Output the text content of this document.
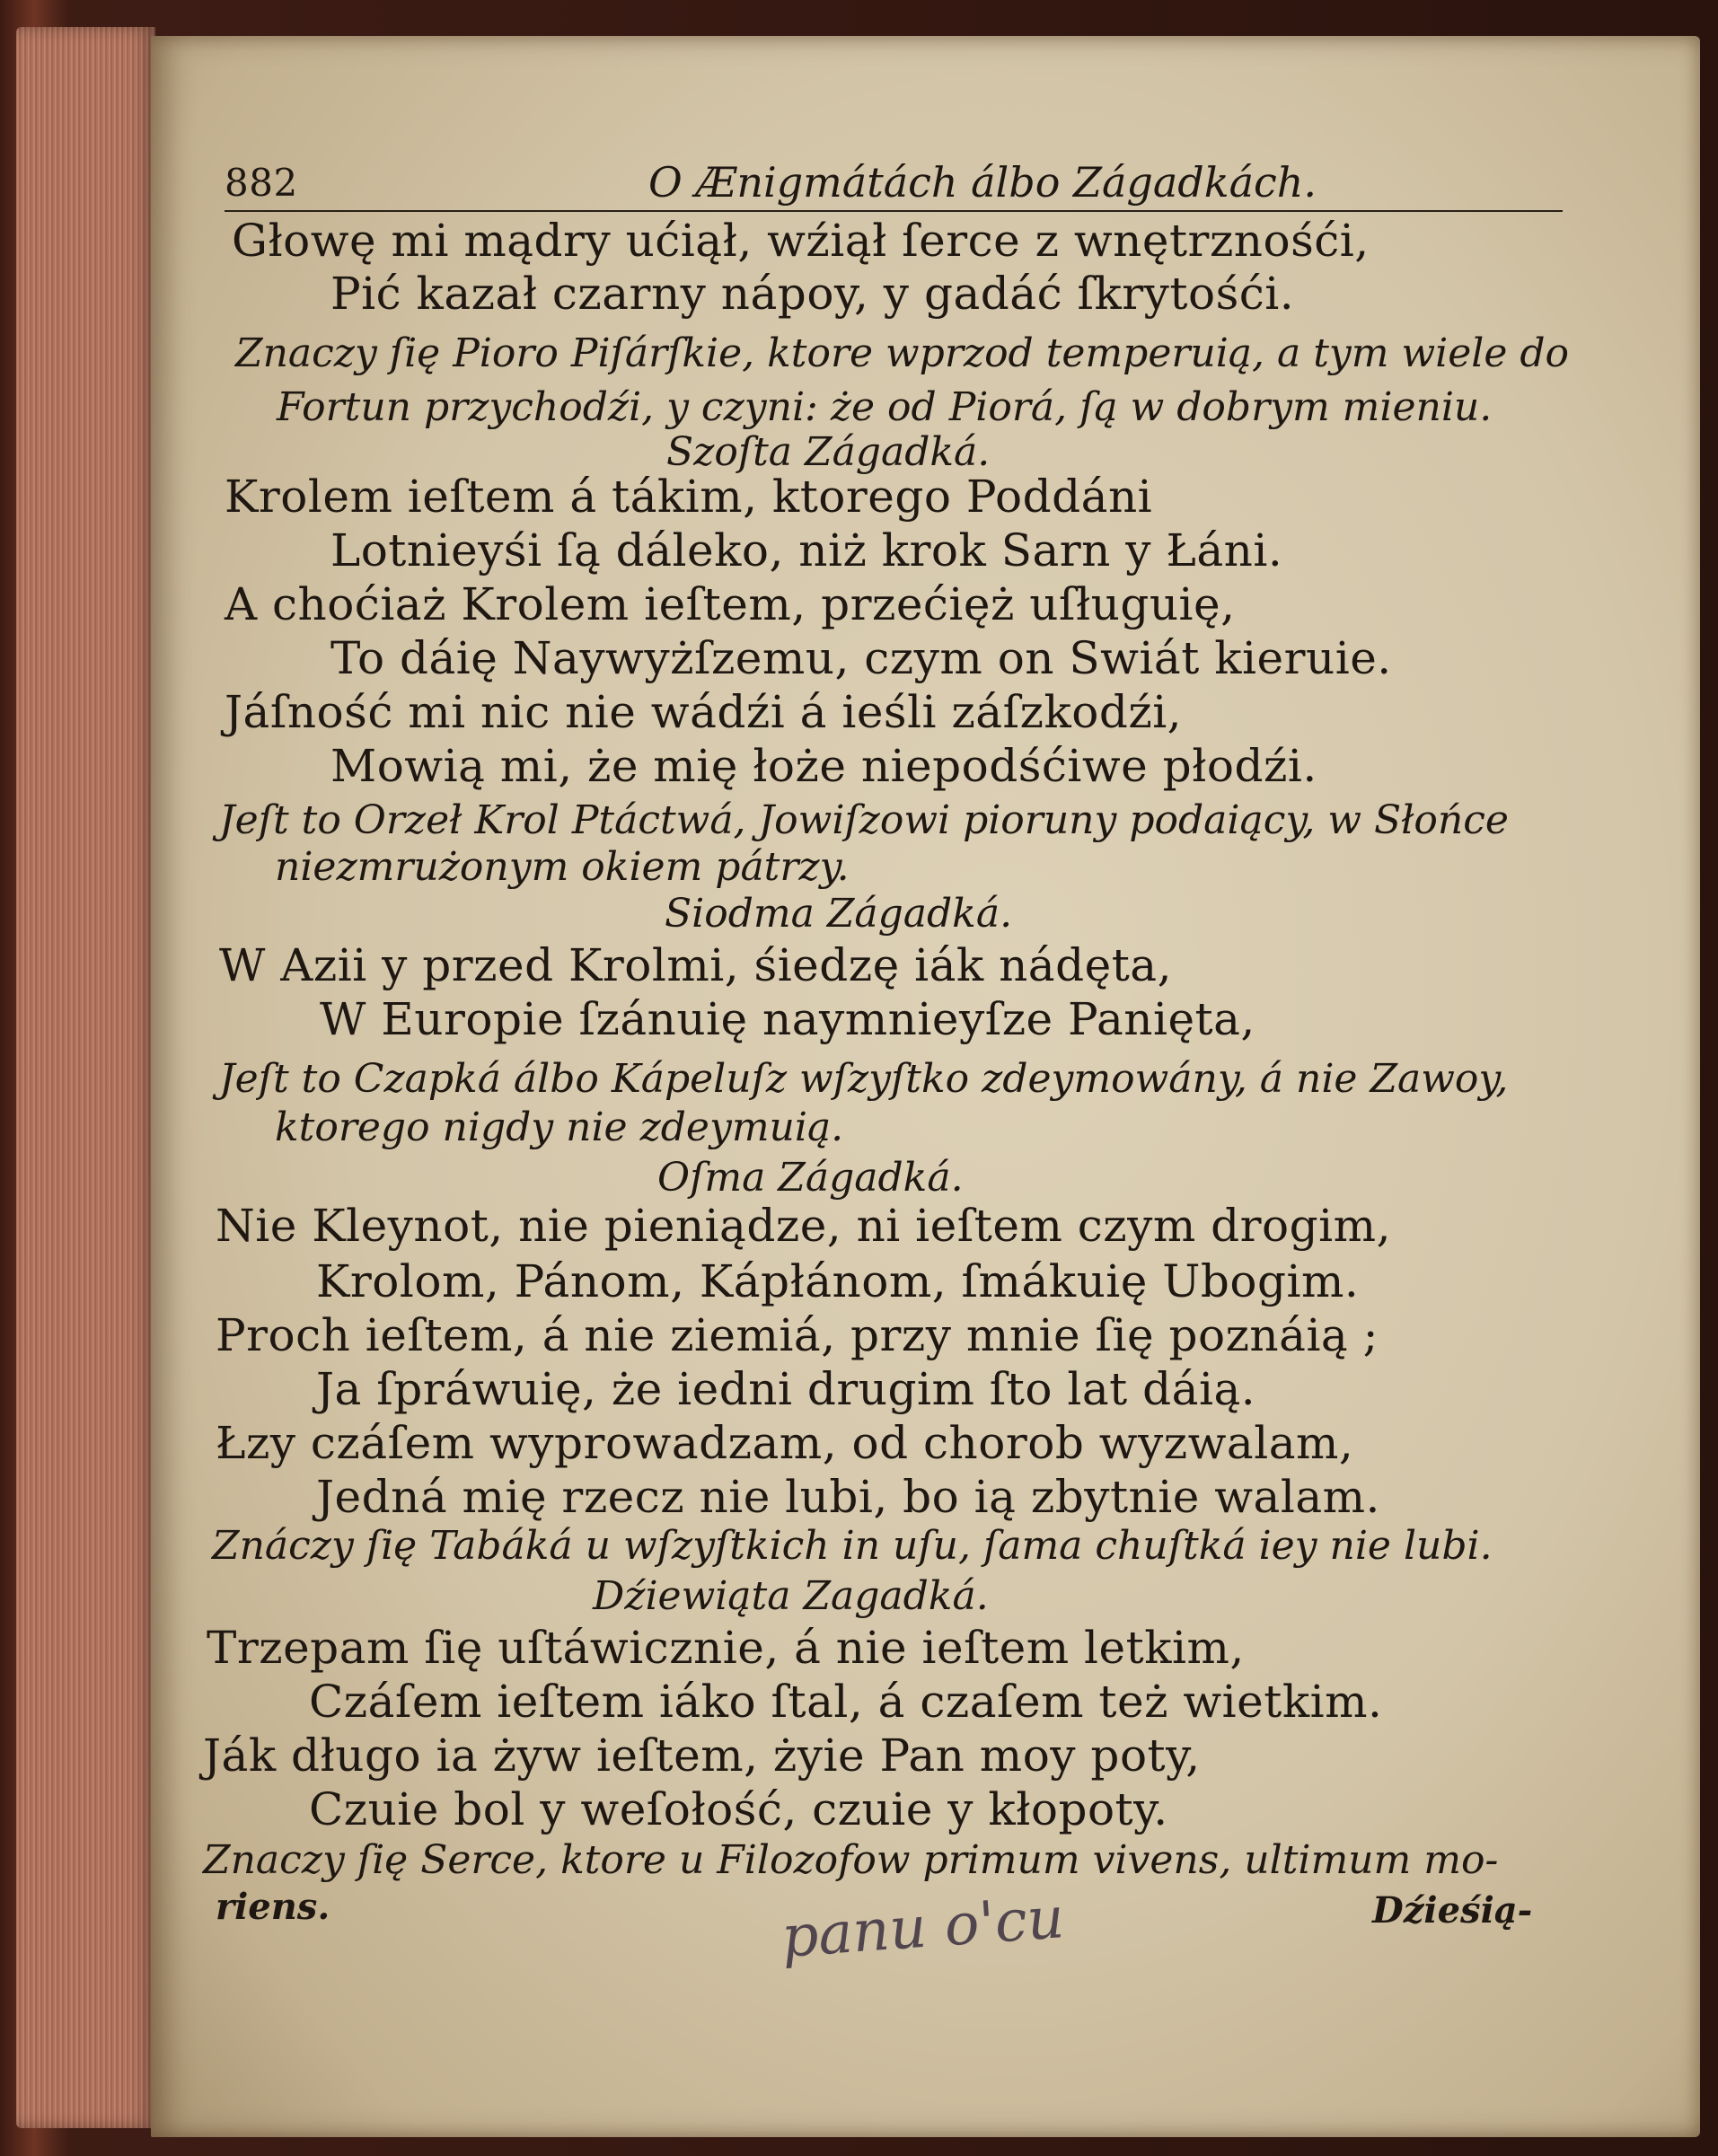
882	O Ænigmátách álbo Zágadkách.
Głowę mi mądry ućiął, wźiął ſerce z wnętrznośći,
Pić kazał czarny nápoy, y gadáć ſkrytośći.
Znaczy ſię Pioro Piſárſkie, ktore wprzod temperuią, a tym wiele do
Fortun przychodźi, y czyni: że od Piorá, ſą w dobrym mieniu.
Szoſta Zágadká.
Krolem ieſtem á tákim, ktorego Poddáni
Lotnieyśi ſą dáleko, niż krok Sarn y Łáni.
A choćiaż Krolem ieſtem, przećięż uſługuię,
To dáię Naywyżſzemu, czym on Swiát kieruie.
Jáſność mi nic nie wádźi á ieśli záſzkodźi,
Mowią mi, że mię łoże niepodśćiwe płodźi.
Jeſt to Orzeł Krol Ptáctwá, Jowiſzowi pioruny podaiący, w Słońce
niezmrużonym okiem pátrzy.
Siodma Zágadká.
W Azii y przed Krolmi, śiedzę iák nádęta,
W Europie ſzánuię naymnieyſze Panięta,
Jeſt to Czapká álbo Kápeluſz wſzyſtko zdeymowány, á nie Zawoy,
ktorego nigdy nie zdeymuią.
Oſma Zágadká.
Nie Kleynot, nie pieniądze, ni ieſtem czym drogim,
Krolom, Pánom, Kápłánom, ſmákuię Ubogim.
Proch ieſtem, á nie ziemiá, przy mnie ſię poznáią ;
Ja ſpráwuię, że iedni drugim ſto lat dáią.
Łzy czáſem wyprowadzam, od chorob wyzwalam,
Jedná mię rzecz nie lubi, bo ią zbytnie walam.
Znáczy ſię Tabáká u wſzyſtkich in uſu, ſama chuſtká iey nie lubi.
Dźiewiąta Zagadká.
Trzepam ſię uſtáwicznie, á nie ieſtem letkim,
Czáſem ieſtem iáko ſtal, á czaſem też wietkim.
Ják długo ia żyw ieſtem, żyie Pan moy poty,
Czuie bol y weſołość, czuie y kłopoty.
Znaczy ſię Serce, ktore u Filozofow primum vivens, ultimum mo-
riens.	Dźieśią-
panu o'cu
